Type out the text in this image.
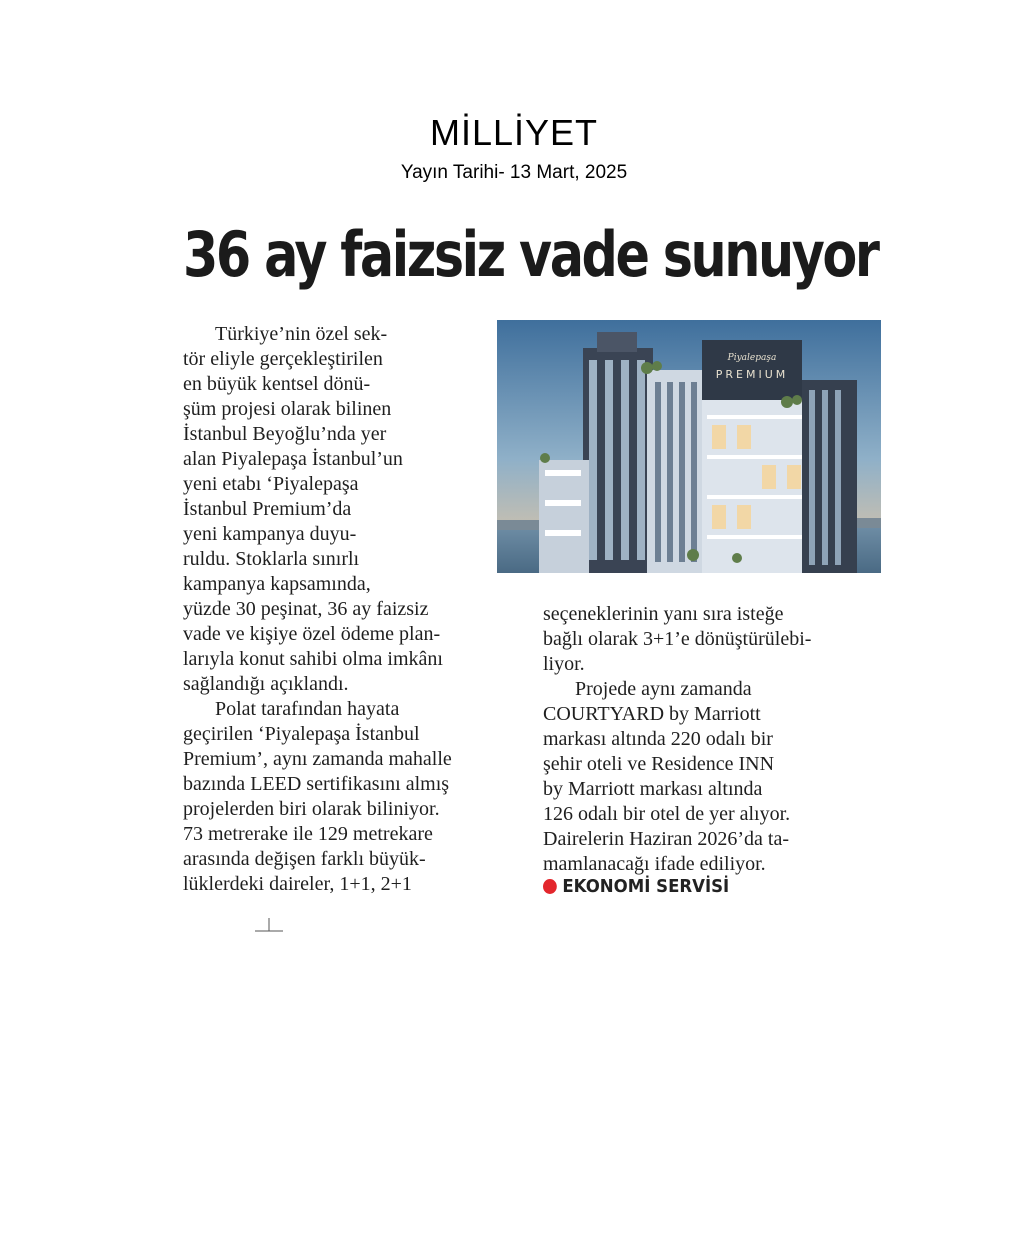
MİLLİYET
Yayın Tarihi- 13 Mart, 2025
36 ay faizsiz vade sunuyor
Türkiye’nin özel sek-
tör eliyle gerçekleştirilen
en büyük kentsel dönü-
şüm projesi olarak bilinen
İstanbul Beyoğlu’nda yer
alan Piyalepaşa İstanbul’un
yeni etabı ‘Piyalepaşa
İstanbul Premium’da
yeni kampanya duyu-
ruldu. Stoklarla sınırlı
kampanya kapsamında,
yüzde 30 peşinat, 36 ay faizsiz
vade ve kişiye özel ödeme plan-
larıyla konut sahibi olma imkânı
sağlandığı açıklandı.
Polat tarafından hayata
geçirilen ‘Piyalepaşa İstanbul
Premium’, aynı zamanda mahalle
bazında LEED sertifikasını almış
projelerden biri olarak biliniyor.
73 metrerake ile 129 metrekare
arasında değişen farklı büyük-
lüklerdeki daireler, 1+1, 2+1
Piyalepaşa
PREMIUM
seçeneklerinin yanı sıra isteğe
bağlı olarak 3+1’e dönüştürülebi-
liyor.
Projede aynı zamanda
COURTYARD by Marriott
markası altında 220 odalı bir
şehir oteli ve Residence INN
by Marriott markası altında
126 odalı bir otel de yer alıyor.
Dairelerin Haziran 2026’da ta-
mamlanacağı ifade ediliyor.
EKONOMİ SERVİSİ
